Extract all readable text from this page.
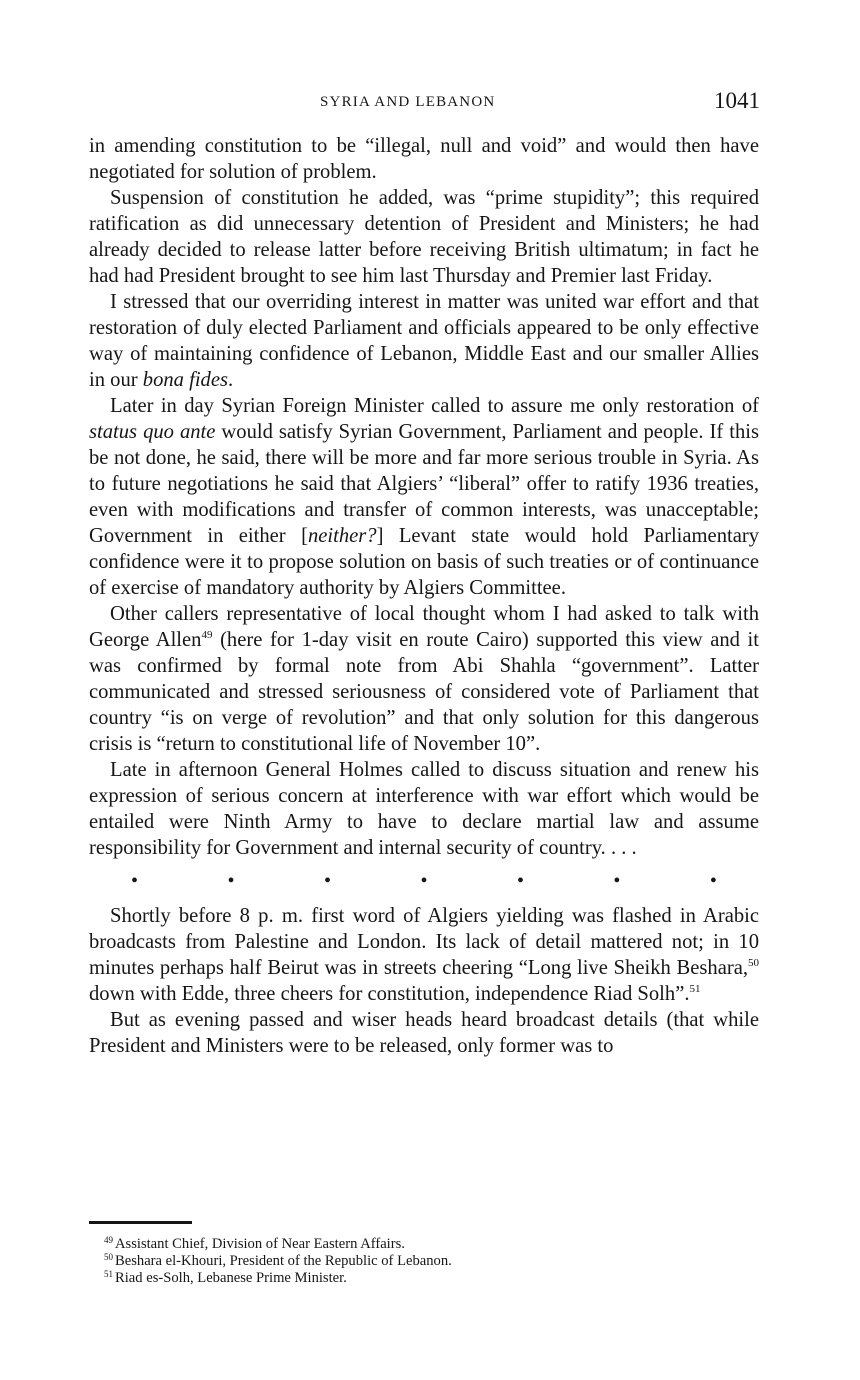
SYRIA AND LEBANON	1041

in amending constitution to be “illegal, null and void” and would then have negotiated for solution of problem.

Suspension of constitution he added, was “prime stupidity”; this required ratification as did unnecessary detention of President and Ministers; he had already decided to release latter before receiving British ultimatum; in fact he had had President brought to see him last Thursday and Premier last Friday.

I stressed that our overriding interest in matter was united war effort and that restoration of duly elected Parliament and officials appeared to be only effective way of maintaining confidence of Lebanon, Middle East and our smaller Allies in our bona fides.

Later in day Syrian Foreign Minister called to assure me only restoration of status quo ante would satisfy Syrian Government, Parliament and people. If this be not done, he said, there will be more and far more serious trouble in Syria. As to future negotiations he said that Algiers’ “liberal” offer to ratify 1936 treaties, even with modifications and transfer of common interests, was unacceptable; Government in either [neither?] Levant state would hold Parliamentary confidence were it to propose solution on basis of such treaties or of continuance of exercise of mandatory authority by Algiers Committee.

Other callers representative of local thought whom I had asked to talk with George Allen$^{49}$ (here for 1-day visit en route Cairo) supported this view and it was confirmed by formal note from Abi Shahla “government”. Latter communicated and stressed seriousness of considered vote of Parliament that country “is on verge of revolution” and that only solution for this dangerous crisis is “return to constitutional life of November 10”.

Late in afternoon General Holmes called to discuss situation and renew his expression of serious concern at interference with war effort which would be entailed were Ninth Army to have to declare martial law and assume responsibility for Government and internal security of country. . . .

•	•	•	•	•	•	•

Shortly before 8 p. m. first word of Algiers yielding was flashed in Arabic broadcasts from Palestine and London. Its lack of detail mattered not; in 10 minutes perhaps half Beirut was in streets cheering “Long live Sheikh Beshara,$^{50}$ down with Edde, three cheers for constitution, independence Riad Solh”.$^{51}$

But as evening passed and wiser heads heard broadcast details (that while President and Ministers were to be released, only former was to

$^{49}$ Assistant Chief, Division of Near Eastern Affairs.
$^{50}$ Beshara el-Khouri, President of the Republic of Lebanon.
$^{51}$ Riad es-Solh, Lebanese Prime Minister.
